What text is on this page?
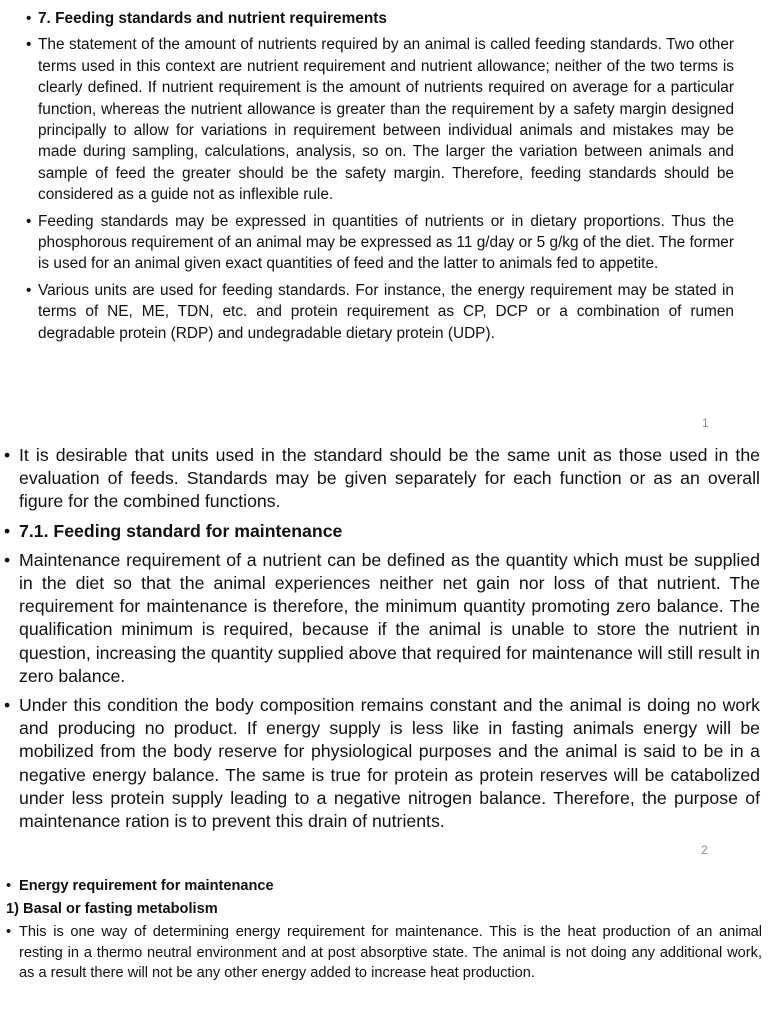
• 7. Feeding standards and nutrient requirements
• The statement of the amount of nutrients required by an animal is called feeding standards. Two other terms used in this context are nutrient requirement and nutrient allowance; neither of the two terms is clearly defined. If nutrient requirement is the amount of nutrients required on average for a particular function, whereas the nutrient allowance is greater than the requirement by a safety margin designed principally to allow for variations in requirement between individual animals and mistakes may be made during sampling, calculations, analysis, so on. The larger the variation between animals and sample of feed the greater should be the safety margin. Therefore, feeding standards should be considered as a guide not as inflexible rule.
• Feeding standards may be expressed in quantities of nutrients or in dietary proportions. Thus the phosphorous requirement of an animal may be expressed as 11 g/day or 5 g/kg of the diet. The former is used for an animal given exact quantities of feed and the latter to animals fed to appetite.
• Various units are used for feeding standards. For instance, the energy requirement may be stated in terms of NE, ME, TDN, etc. and protein requirement as CP, DCP or a combination of rumen degradable protein (RDP) and undegradable dietary protein (UDP).
1
• It is desirable that units used in the standard should be the same unit as those used in the evaluation of feeds. Standards may be given separately for each function or as an overall figure for the combined functions.
• 7.1. Feeding standard for maintenance
• Maintenance requirement of a nutrient can be defined as the quantity which must be supplied in the diet so that the animal experiences neither net gain nor loss of that nutrient. The requirement for maintenance is therefore, the minimum quantity promoting zero balance. The qualification minimum is required, because if the animal is unable to store the nutrient in question, increasing the quantity supplied above that required for maintenance will still result in zero balance.
• Under this condition the body composition remains constant and the animal is doing no work and producing no product. If energy supply is less like in fasting animals energy will be mobilized from the body reserve for physiological purposes and the animal is said to be in a negative energy balance. The same is true for protein as protein reserves will be catabolized under less protein supply leading to a negative nitrogen balance. Therefore, the purpose of maintenance ration is to prevent this drain of nutrients.
2
• Energy requirement for maintenance
1) Basal or fasting metabolism
• This is one way of determining energy requirement for maintenance. This is the heat production of an animal resting in a thermo neutral environment and at post absorptive state. The animal is not doing any additional work, as a result there will not be any other energy added to increase heat production.
